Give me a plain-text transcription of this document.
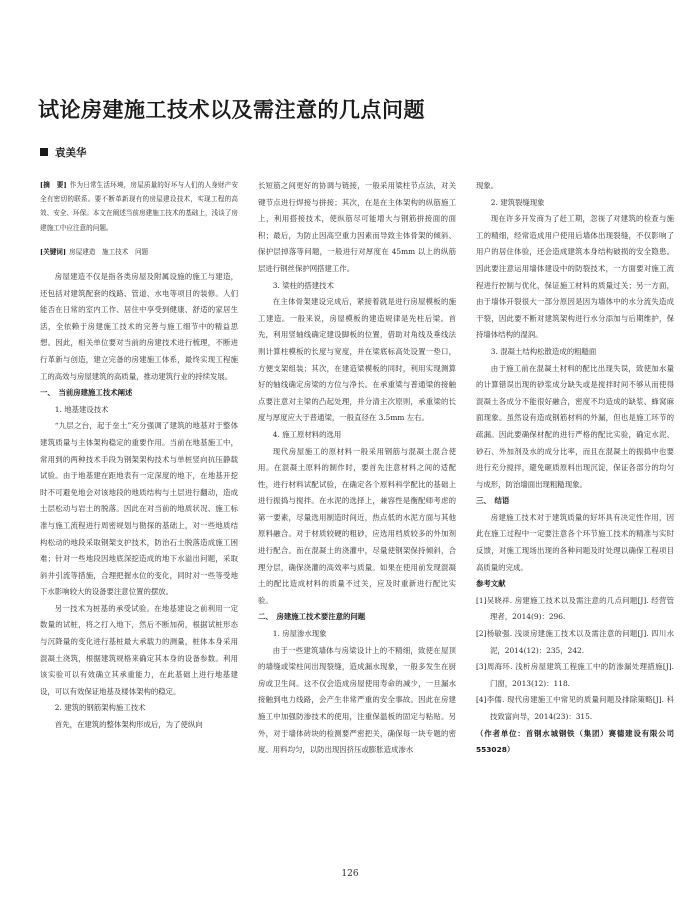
试论房建施工技术以及需注意的几点问题
袁美华

[摘　要] 作为日常生活环境，房屋质量的好坏与人们的人身财产安全有密切的联系。要不断革新现有的房屋建设技术，实现工程的高效、安全、环保。本文在阐述当前房建施工技术的基础上，浅谈了房建施工中应注意的问题。

[关键词] 房屋建造　施工技术　问题

房屋建造不仅是指各类房屋及附属设施的施工与建造，还包括对建筑配套的线路、管道、水电等项目的装修。人们能否在日常的室内工作、居住中享受到健康、舒适的家居生活，全依赖于房建施工技术的完善与施工细节中的精益思想。因此，相关单位要对当前的房建技术进行梳理，不断进行革新与创造，建立完备的房建施工体系，最终实现工程施工的高效与房屋建筑的高质量，推动建筑行业的持续发展。

一、　当前房建施工技术阐述

1. 地基建设技术

“九层之台，起于垒土”充分强调了建筑的地基对于整体建筑质量与主体架构稳定的重要作用。当前在地基施工中，常用到的两种技术手段为钢架架构技术与单桩竖向抗压静载试验。由于地基建在距地表有一定深度的地下，在地基开挖时不可避免地会对该地段的地质结构与土层进行翻动，造成土层松动与岩土的脱落。因此在对当前的地质状况、施工标准与施工流程进行周密规划与勘探的基础上，对一些地质结构松动的地段采取钢架支护技术，防治石土脱落造成施工困难；针对一些地段因地底深挖造成的地下水溢出问题，采取斜井引流等措施，合理把握水位的变化，同时对一些等受地下水影响较大的设备要注意位置的摆放。

另一技术为桩基的承受试验。在地基建设之前利用一定数量的试桩，将之打入地下，然后不断加荷，根据试桩形态与沉降量的变化进行基桩最大承载力的测量，桩体本身采用混凝土浇筑，根据建筑规格来确定其本身的设备参数。利用该实验可以有效确立其承重能力，在此基础上进行地基建设，可以有效保证地基及楼体架构的稳定。

2. 建筑的钢筋架构施工技术

首先，在建筑的整体架构形成后，为了使纵向

长短筋之间更好的协调与链接，一般采用梁柱节点法，对关键节点进行焊接与拼接；其次，在是在主体架构的纵筋施工上，利用搭接技术，使纵筋尽可能增大与钢筋拼接面的面积；最后，为防止因高空重力因素而导致主体骨架的倾斜、保护层掉落等问题，一般进行对厚度在 45mm 以上的纵筋层进行钢丝保护网搭建工作。

3. 梁柱的搭建技术

在主体骨架建设完成后，紧接着就是进行房屋模板的施工建造。一般来说，房屋模板的建造规律是先柱后梁。首先，利用竖轴线确定建设脚板的位置，借助对角线及垂线法则计算柱模板的长度与宽度，并在梁底标高处设置一垫口，方便支架组装；其次，在建造梁模板的同时，利用实现测算好的轴线确定房梁的方位与净长。在承重梁与普通梁的接触点要注意对主梁的凸起处理，并分清主次原则，承重梁的长度与厚度应大于普通梁，一般直径在 3.5mm 左右。

4. 施工原材料的选用

现代房屋施工的原材料一般采用钢筋与混凝土混合使用。在混凝土原料的制作时，要首先注意材料之间的适配性，进行材料试配试验，在确定各个原料科学配比的基础上进行振捣与搅拌。在水泥的选择上，兼容性是衡配师考虑的第一要素，尽量选用制造时间近，热点低的水泥方面与其他原料融合。对于材质较硬的粗砂，应选用档质较多的外加剂进行配合。而在混凝土的浇灌中，尽量使钢架保持倾斜，合理分层，确保浇灌的高效率与质量。如果在使用前发现混凝土的配比造成材料的质量不过关，应及时重新进行配比实验。

二、　房建施工技术要注意的问题

1. 房屋渗水现象

由于一些建筑墙体与房梁设计上的不精细，致使在屋顶的墙缝或梁柱间出现裂缝，造成漏水现象，一般多发生在厨房或卫生间。这不仅会造成房屋使用寿命的减少，一旦漏水接触到电力线路，会产生非常严重的安全事故。因此在房建施工中加强防渗技术的使用，注重保温板的固定与粘贴。另外，对于墙体砖块的检测要严密把关，确保每一块专题的密度、用料均匀，以防出现因挤压或膨胀造成渗水

现象。

2. 建筑裂缝现象

现在许多开发商为了赶工期，忽视了对建筑的检查与施工的精细，经常造成用户使用后墙体出现裂缝，不仅影响了用户的居住体验，还会造成建筑本身结构破损的安全隐患。因此要注意运用墙体建设中的防裂技术，一方面要对施工流程进行控制与优化，保证施工材料的质量过关；另一方面，由于墙体开裂很大一部分原因是因为墙体中的水分流失造成干裂，因此要不断对建筑架构进行水分添加与后期维护，保持墙体结构的湿润。

3. 混凝土结构松散造成的粗糙面

由于施工前在混凝土材料的配比出现失误，致使加水量的计算错误出现的砂浆成分缺失或是搅拌时间不够从而使得混凝土各成分不能很好融合，密度不均造成的缺浆、蜂窝麻面现象。虽然设有造成钢筋材料的外漏，但也是施工环节的疏漏。因此要确保材配的进行严格的配比实验，确定水泥、砂石、外加剂及水的成分比率，而且在混凝土的振捣中也要进行充分搅拌，避免砸质原料出现沉淀，保证各部分的均匀与成形，防治墙面出现粗糙现象。

三、　结语

房建施工技术对于建筑质量的好坏具有决定性作用，因此在施工过程中一定要注意各个环节施工技术的精准与实时反馈，对施工现场出现的各种问题及时处理以确保工程项目高质量的完成。

参考文献

[1]吴晓祥. 房建施工技术以及需注意的几点问题[J]. 经营管理者，2014(9)：296.

[2]杨敏强. 浅谈房建施工技术以及需注意的问题[J]. 四川水泥，2014(12)：235，242.

[3]周海环. 浅析房屋建筑工程施工中的防渗漏处理措施[J]. 门窗，2013(12)：118.

[4]李儒. 现代房建施工中常见的质量问题及排除策略[J]. 科技致富向导，2014(23)：315.

（作者单位：首钢水城钢铁（集团）赛德建设有限公司 553028）

126
